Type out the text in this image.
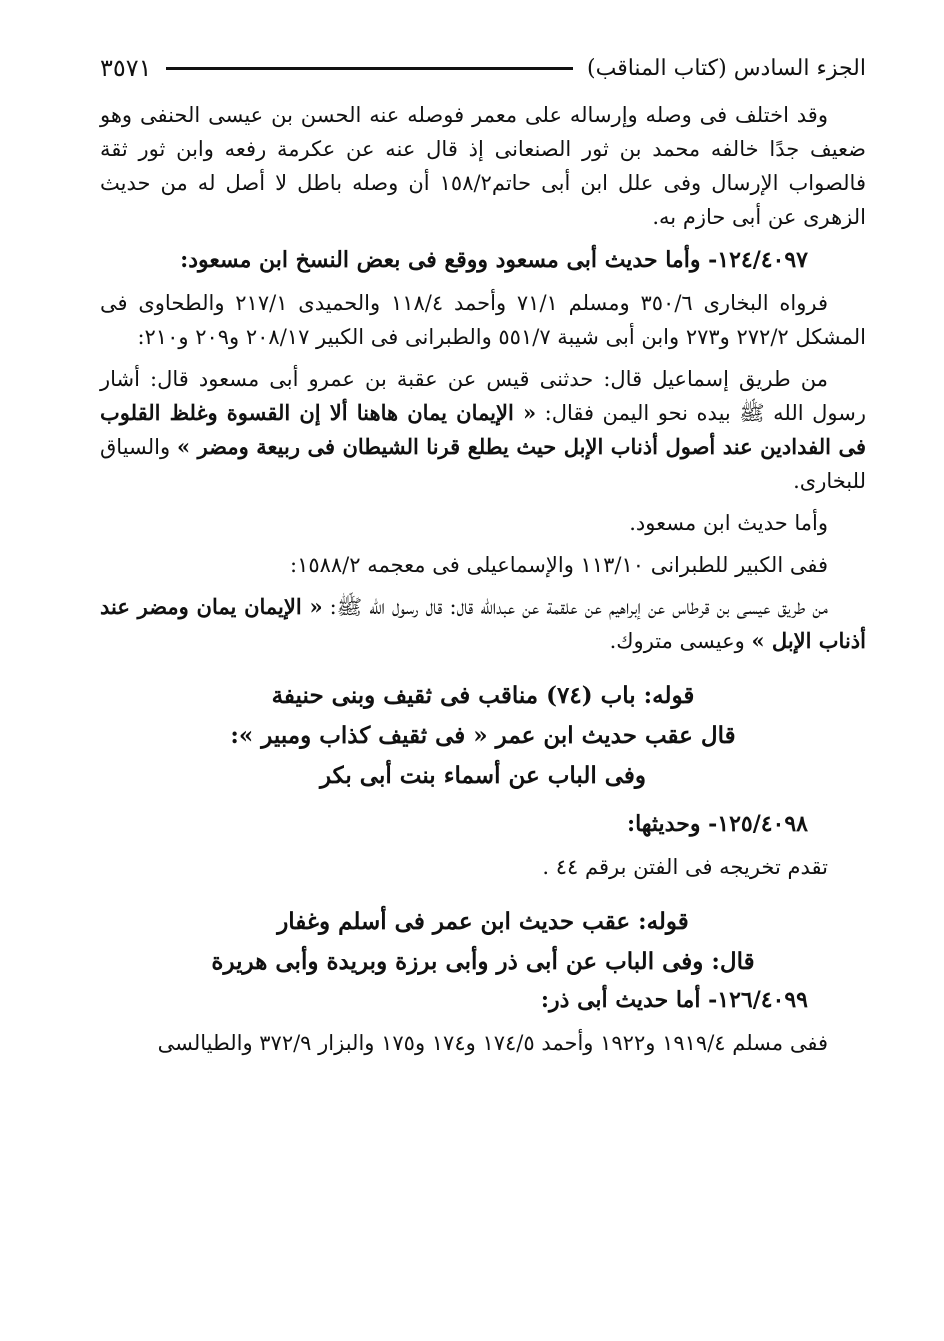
الجزء السادس (كتاب المناقب)
٣٥٧١

وقد اختلف فى وصله وإرساله على معمر فوصله عنه الحسن بن عيسى الحنفى وهو ضعيف جدًا خالفه محمد بن ثور الصنعانى إذ قال عنه عن عكرمة رفعه وابن ثور ثقة فالصواب الإرسال وفى علل ابن أبى حاتم١٥٨/٢ أن وصله باطل لا أصل له من حديث الزهرى عن أبى حازم به.

١٢٤/٤٠٩٧- وأما حديث أبى مسعود ووقع فى بعض النسخ ابن مسعود:

فرواه البخارى ٣٥٠/٦ ومسلم ٧١/١ وأحمد ١١٨/٤ والحميدى ٢١٧/١ والطحاوى فى المشكل ٢٧٢/٢ و٢٧٣ وابن أبى شيبة ٥٥١/٧ والطبرانى فى الكبير ٢٠٨/١٧ و٢٠٩ و٢١٠:

من طريق إسماعيل قال: حدثنى قيس عن عقبة بن عمرو أبى مسعود قال: أشار رسول الله ﷺ بيده نحو اليمن فقال: « الإيمان يمان هاهنا ألا إن القسوة وغلظ القلوب فى الفدادين عند أصول أذناب الإبل حيث يطلع قرنا الشيطان فى ربيعة ومضر » والسياق للبخارى.

وأما حديث ابن مسعود.

ففى الكبير للطبرانى ١١٣/١٠ والإسماعيلى فى معجمه ١٥٨٨/٢:

من طريق عيسى بن قرطاس عن إبراهيم عن علقمة عن عبدالله قال: قال رسول الله ﷺ: « الإيمان يمان ومضر عند أذناب الإبل » وعيسى متروك.

قوله: باب (٧٤) مناقب فى ثقيف وبنى حنيفة

قال عقب حديث ابن عمر « فى ثقيف كذاب ومبير »:

وفى الباب عن أسماء بنت أبى بكر

١٢٥/٤٠٩٨- وحديثها:

تقدم تخريجه فى الفتن برقم ٤٤ .

قوله: عقب حديث ابن عمر فى أسلم وغفار

قال: وفى الباب عن أبى ذر وأبى برزة وبريدة وأبى هريرة

١٢٦/٤٠٩٩- أما حديث أبى ذر:

ففى مسلم ١٩١٩/٤ و١٩٢٢ وأحمد ١٧٤/٥ و١٧٤ و١٧٥ والبزار ٣٧٢/٩ والطيالسى
